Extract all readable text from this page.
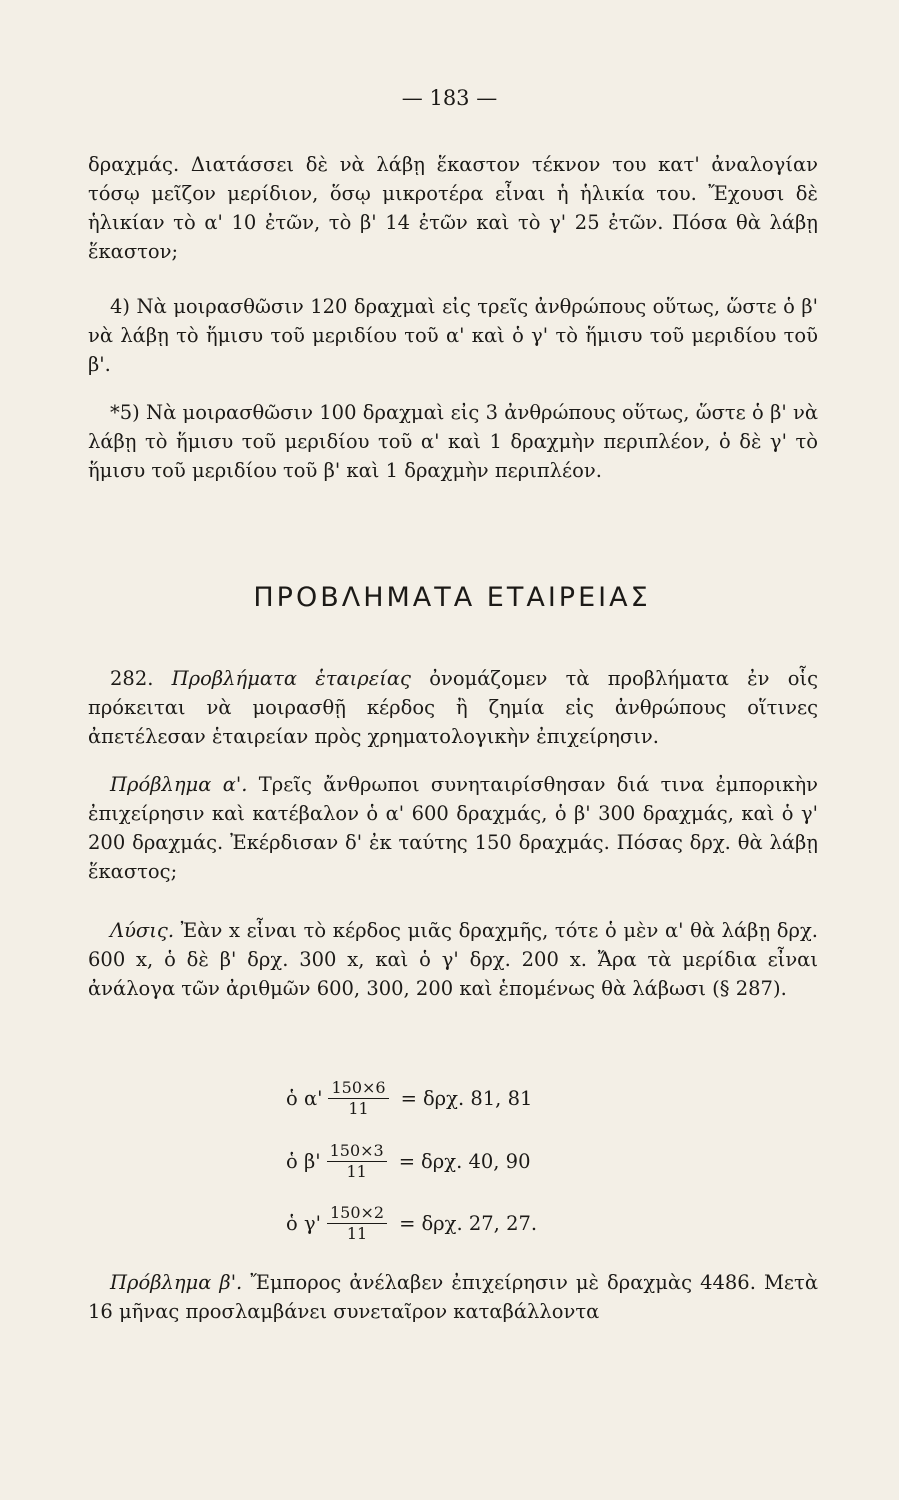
— 183 —

δραχμάς. Διατάσσει δὲ νὰ λάβῃ ἕκαστον τέκνον του κατ' ἀναλογίαν τόσῳ μεῖζον μερίδιον, ὅσῳ μικροτέρα εἶναι ἡ ἡλικία του. Ἔχουσι δὲ ἡλικίαν τὸ α' 10 ἐτῶν, τὸ β' 14 ἐτῶν καὶ τὸ γ' 25 ἐτῶν. Πόσα θὰ λάβῃ ἕκαστον;

4) Νὰ μοιρασθῶσιν 120 δραχμαὶ εἰς τρεῖς ἀνθρώπους οὕτως, ὥστε ὁ β' νὰ λάβῃ τὸ ἥμισυ τοῦ μεριδίου τοῦ α' καὶ ὁ γ' τὸ ἥμισυ τοῦ μεριδίου τοῦ β'.

*5) Νὰ μοιρασθῶσιν 100 δραχμαὶ εἰς 3 ἀνθρώπους οὕτως, ὥστε ὁ β' νὰ λάβῃ τὸ ἥμισυ τοῦ μεριδίου τοῦ α' καὶ 1 δραχμὴν περιπλέον, ὁ δὲ γ' τὸ ἥμισυ τοῦ μεριδίου τοῦ β' καὶ 1 δραχμὴν περιπλέον.

ΠΡΟΒΛΗΜΑΤΑ ΕΤΑΙΡΕΙΑΣ

282. Προβλήματα ἑταιρείας ὀνομάζομεν τὰ προβλήματα ἐν οἷς πρόκειται νὰ μοιρασθῇ κέρδος ἢ ζημία εἰς ἀνθρώπους οἵτινες ἀπετέλεσαν ἑταιρείαν πρὸς χρηματολογικὴν ἐπιχείρησιν.

Πρόβλημα α'. Τρεῖς ἄνθρωποι συνηταιρίσθησαν διά τινα ἐμπορικὴν ἐπιχείρησιν καὶ κατέβαλον ὁ α' 600 δραχμάς, ὁ β' 300 δραχμάς, καὶ ὁ γ' 200 δραχμάς. Ἐκέρδισαν δ' ἐκ ταύτης 150 δραχμάς. Πόσας δρχ. θὰ λάβῃ ἕκαστος;

Λύσις. Ἐὰν x εἶναι τὸ κέρδος μιᾶς δραχμῆς, τότε ὁ μὲν α' θὰ λάβῃ δρχ. 600 x, ὁ δὲ β' δρχ. 300 x, καὶ ὁ γ' δρχ. 200 x. Ἄρα τὰ μερίδια εἶναι ἀνάλογα τῶν ἀριθμῶν 600, 300, 200 καὶ ἑπομένως θὰ λάβωσι (§ 287).

ὁ $\alpha' \frac{150\times 6}{11} = \delta\rho\chi$. 81, 81
ὁ $\beta' \frac{150\times 3}{11} = \delta\rho\chi$. 40, 90
ὁ $\gamma' \frac{150\times 2}{11} = \delta\rho\chi$. 27, 27.

Πρόβλημα β'. Ἔμπορος ἀνέλαβεν ἐπιχείρησιν μὲ δραχμὰς 4486. Μετὰ 16 μῆνας προσλαμβάνει συνεταῖρον καταβάλλοντα
